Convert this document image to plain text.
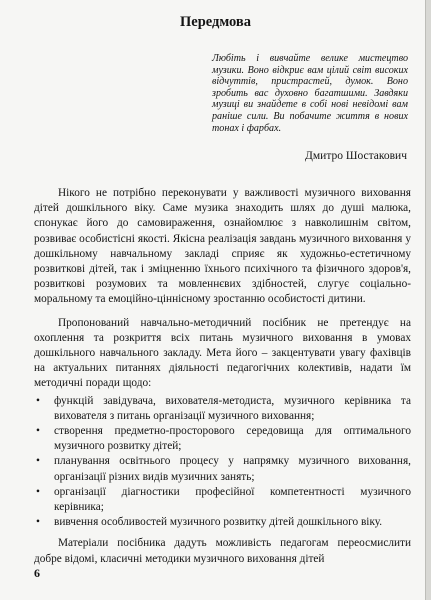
Передмова
Любіть і вивчайте велике мистецтво музики. Воно відкриє вам цілий світ високих відчуттів, пристрастей, думок. Воно зробить вас духовно багатшими. Завдяки музиці ви знайдете в собі нові невідомі вам раніше сили. Ви побачите життя в нових тонах і фарбах.
Дмитро Шостакович

Нікого не потрібно переконувати у важливості музичного виховання дітей дошкільного віку. Саме музика знаходить шлях до душі малюка, спонукає його до самовираження, ознайомлює з навколишнім світом, розвиває особистісні якості. Якісна реалізація завдань музичного виховання у дошкільному навчальному закладі сприяє як художньо-естетичному розвиткові дітей, так і зміцненню їхнього психічного та фізичного здоров'я, розвиткові розумових та мовленнєвих здібностей, слугує соціально-моральному та емоційно-ціннісному зростанню особистості дитини.

Пропонований навчально-методичний посібник не претендує на охоплення та розкриття всіх питань музичного виховання в умовах дошкільного навчального закладу. Мета його – закцентувати увагу фахівців на актуальних питаннях діяльності педагогічних колективів, надати їм методичні поради щодо:

• функцій завідувача, вихователя-методиста, музичного керівника та вихователя з питань організації музичного виховання;
• створення предметно-просторового середовища для оптимального музичного розвитку дітей;
• планування освітнього процесу у напрямку музичного виховання, організації різних видів музичних занять;
• організації діагностики професійної компетентності музичного керівника;
• вивчення особливостей музичного розвитку дітей дошкільного віку.

Матеріали посібника дадуть можливість педагогам переосмислити добре відомі, класичні методики музичного виховання дітей

6
